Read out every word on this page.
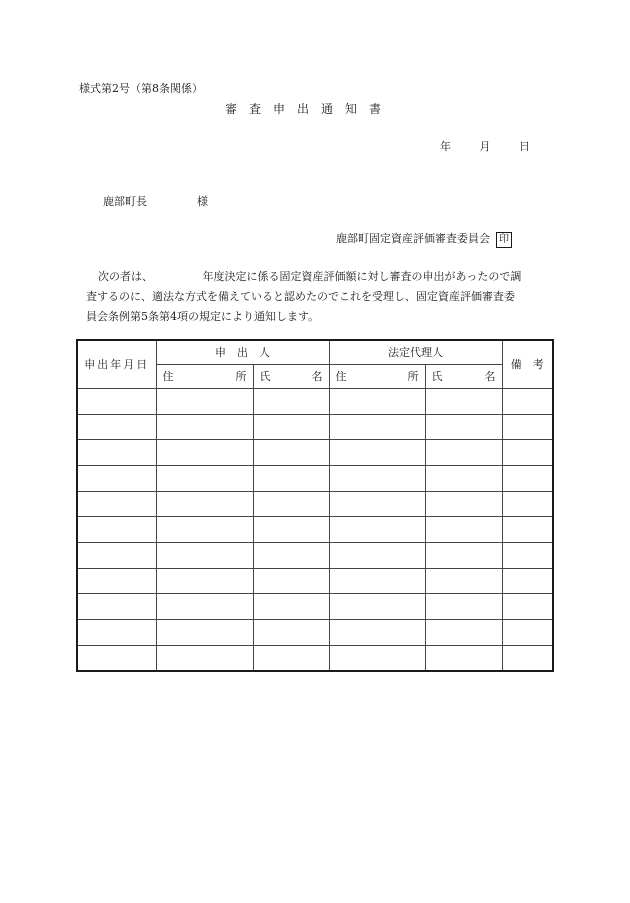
様式第2号（第8条関係）
審査申出通知書
年	月	日
鹿部町長	様
鹿部町固定資産評価審査委員会 印

次の者は、　　　　　年度決定に係る固定資産評価額に対し審査の申出があったので調

査するのに、適法な方式を備えていると認めたのでこれを受理し、固定資産評価審査委

員会条例第5条第4項の規定により通知します。

申出年月日	申　出　人		法定代理人		備　考

	住 所	氏 名	住 所	氏 名	
